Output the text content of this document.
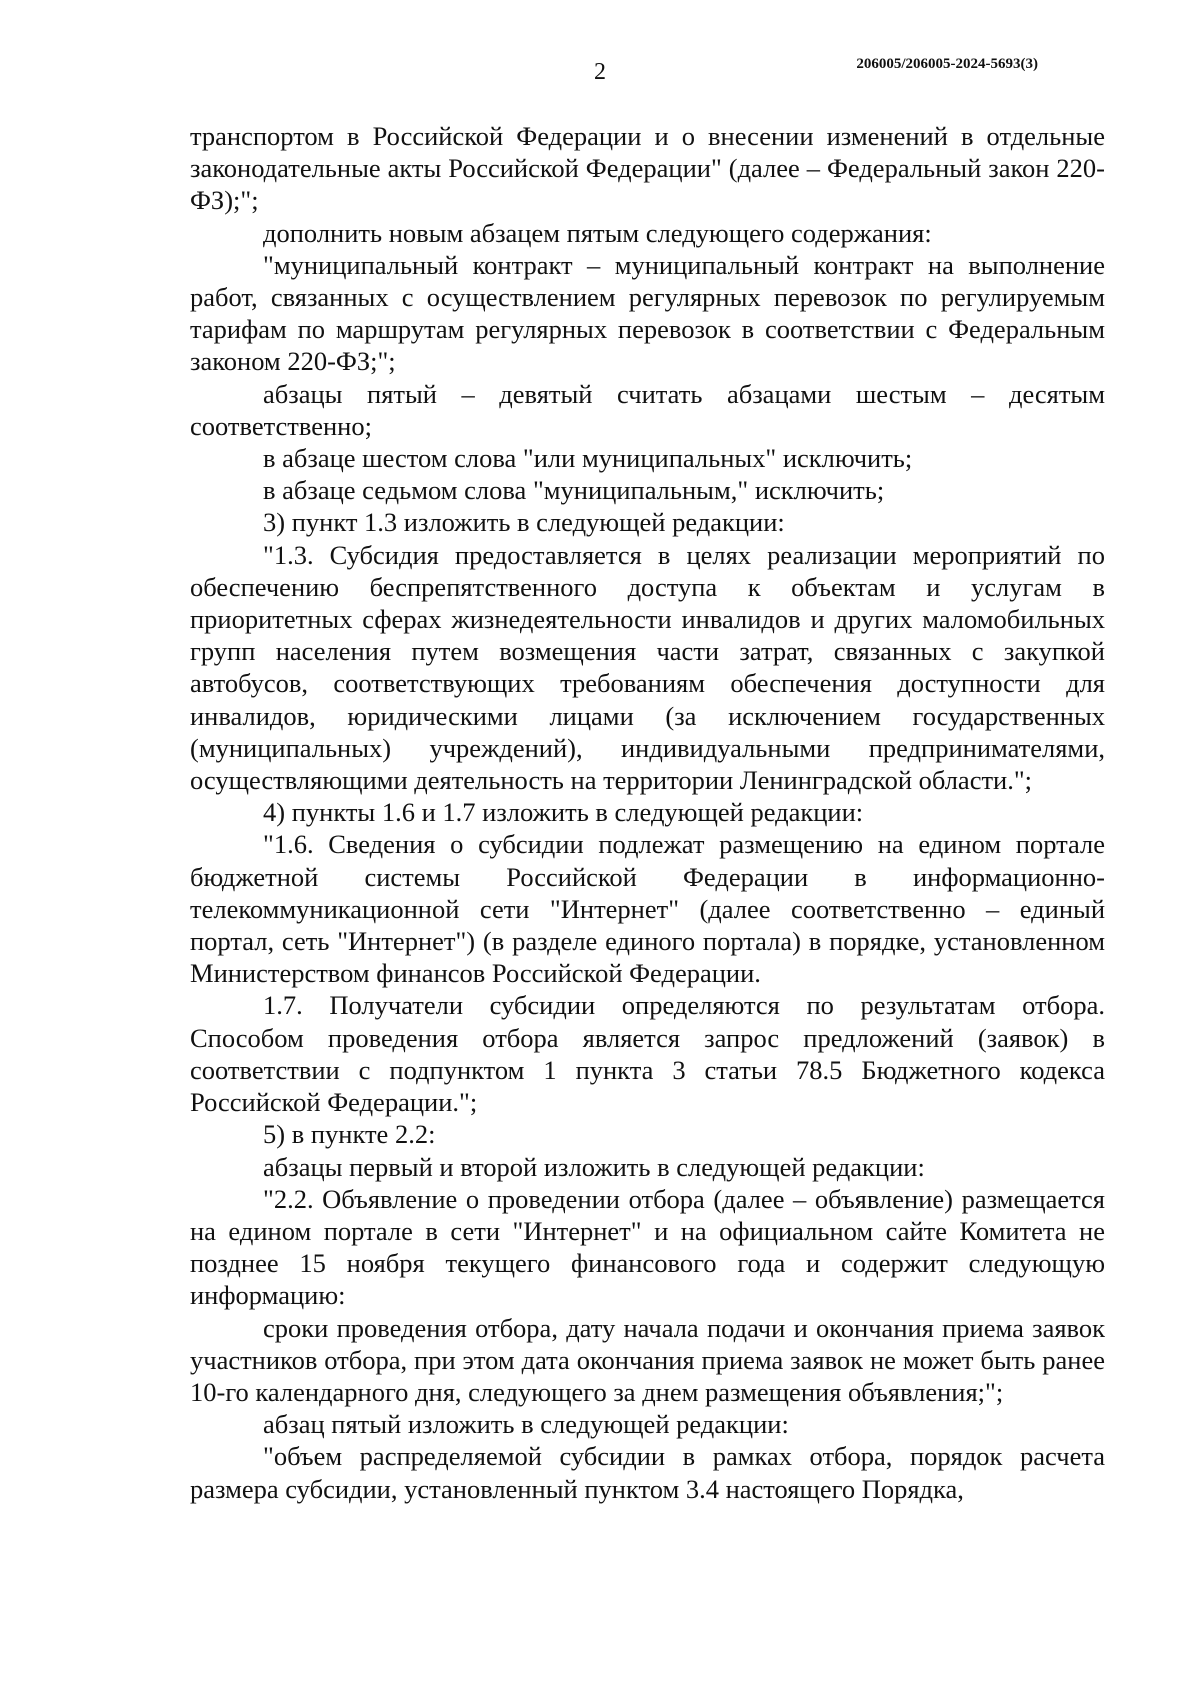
2	206005/206005-2024-5693(3)

транспортом в Российской Федерации и о внесении изменений в отдельные законодательные акты Российской Федерации" (далее – Федеральный закон 220-ФЗ);";

дополнить новым абзацем пятым следующего содержания:

"муниципальный контракт – муниципальный контракт на выполнение работ, связанных с осуществлением регулярных перевозок по регулируемым тарифам по маршрутам регулярных перевозок в соответствии с Федеральным законом 220-ФЗ;";

абзацы пятый – девятый считать абзацами шестым – десятым соответственно;

в абзаце шестом слова "или муниципальных" исключить;

в абзаце седьмом слова "муниципальным," исключить;

3) пункт 1.3 изложить в следующей редакции:

"1.3. Субсидия предоставляется в целях реализации мероприятий по обеспечению беспрепятственного доступа к объектам и услугам в приоритетных сферах жизнедеятельности инвалидов и других маломобильных групп населения путем возмещения части затрат, связанных с закупкой автобусов, соответствующих требованиям обеспечения доступности для инвалидов, юридическими лицами (за исключением государственных (муниципальных) учреждений), индивидуальными предпринимателями, осуществляющими деятельность на территории Ленинградской области.";

4) пункты 1.6 и 1.7 изложить в следующей редакции:

"1.6. Сведения о субсидии подлежат размещению на едином портале бюджетной системы Российской Федерации в информационно-телекоммуникационной сети "Интернет" (далее соответственно – единый портал, сеть "Интернет") (в разделе единого портала) в порядке, установленном Министерством финансов Российской Федерации.

1.7. Получатели субсидии определяются по результатам отбора. Способом проведения отбора является запрос предложений (заявок) в соответствии с подпунктом 1 пункта 3 статьи 78.5 Бюджетного кодекса Российской Федерации.";

5) в пункте 2.2:

абзацы первый и второй изложить в следующей редакции:

"2.2. Объявление о проведении отбора (далее – объявление) размещается на едином портале в сети "Интернет" и на официальном сайте Комитета не позднее 15 ноября текущего финансового года и содержит следующую информацию:

сроки проведения отбора, дату начала подачи и окончания приема заявок участников отбора, при этом дата окончания приема заявок не может быть ранее 10-го календарного дня, следующего за днем размещения объявления;";

абзац пятый изложить в следующей редакции:

"объем распределяемой субсидии в рамках отбора, порядок расчета размера субсидии, установленный пунктом 3.4 настоящего Порядка,
